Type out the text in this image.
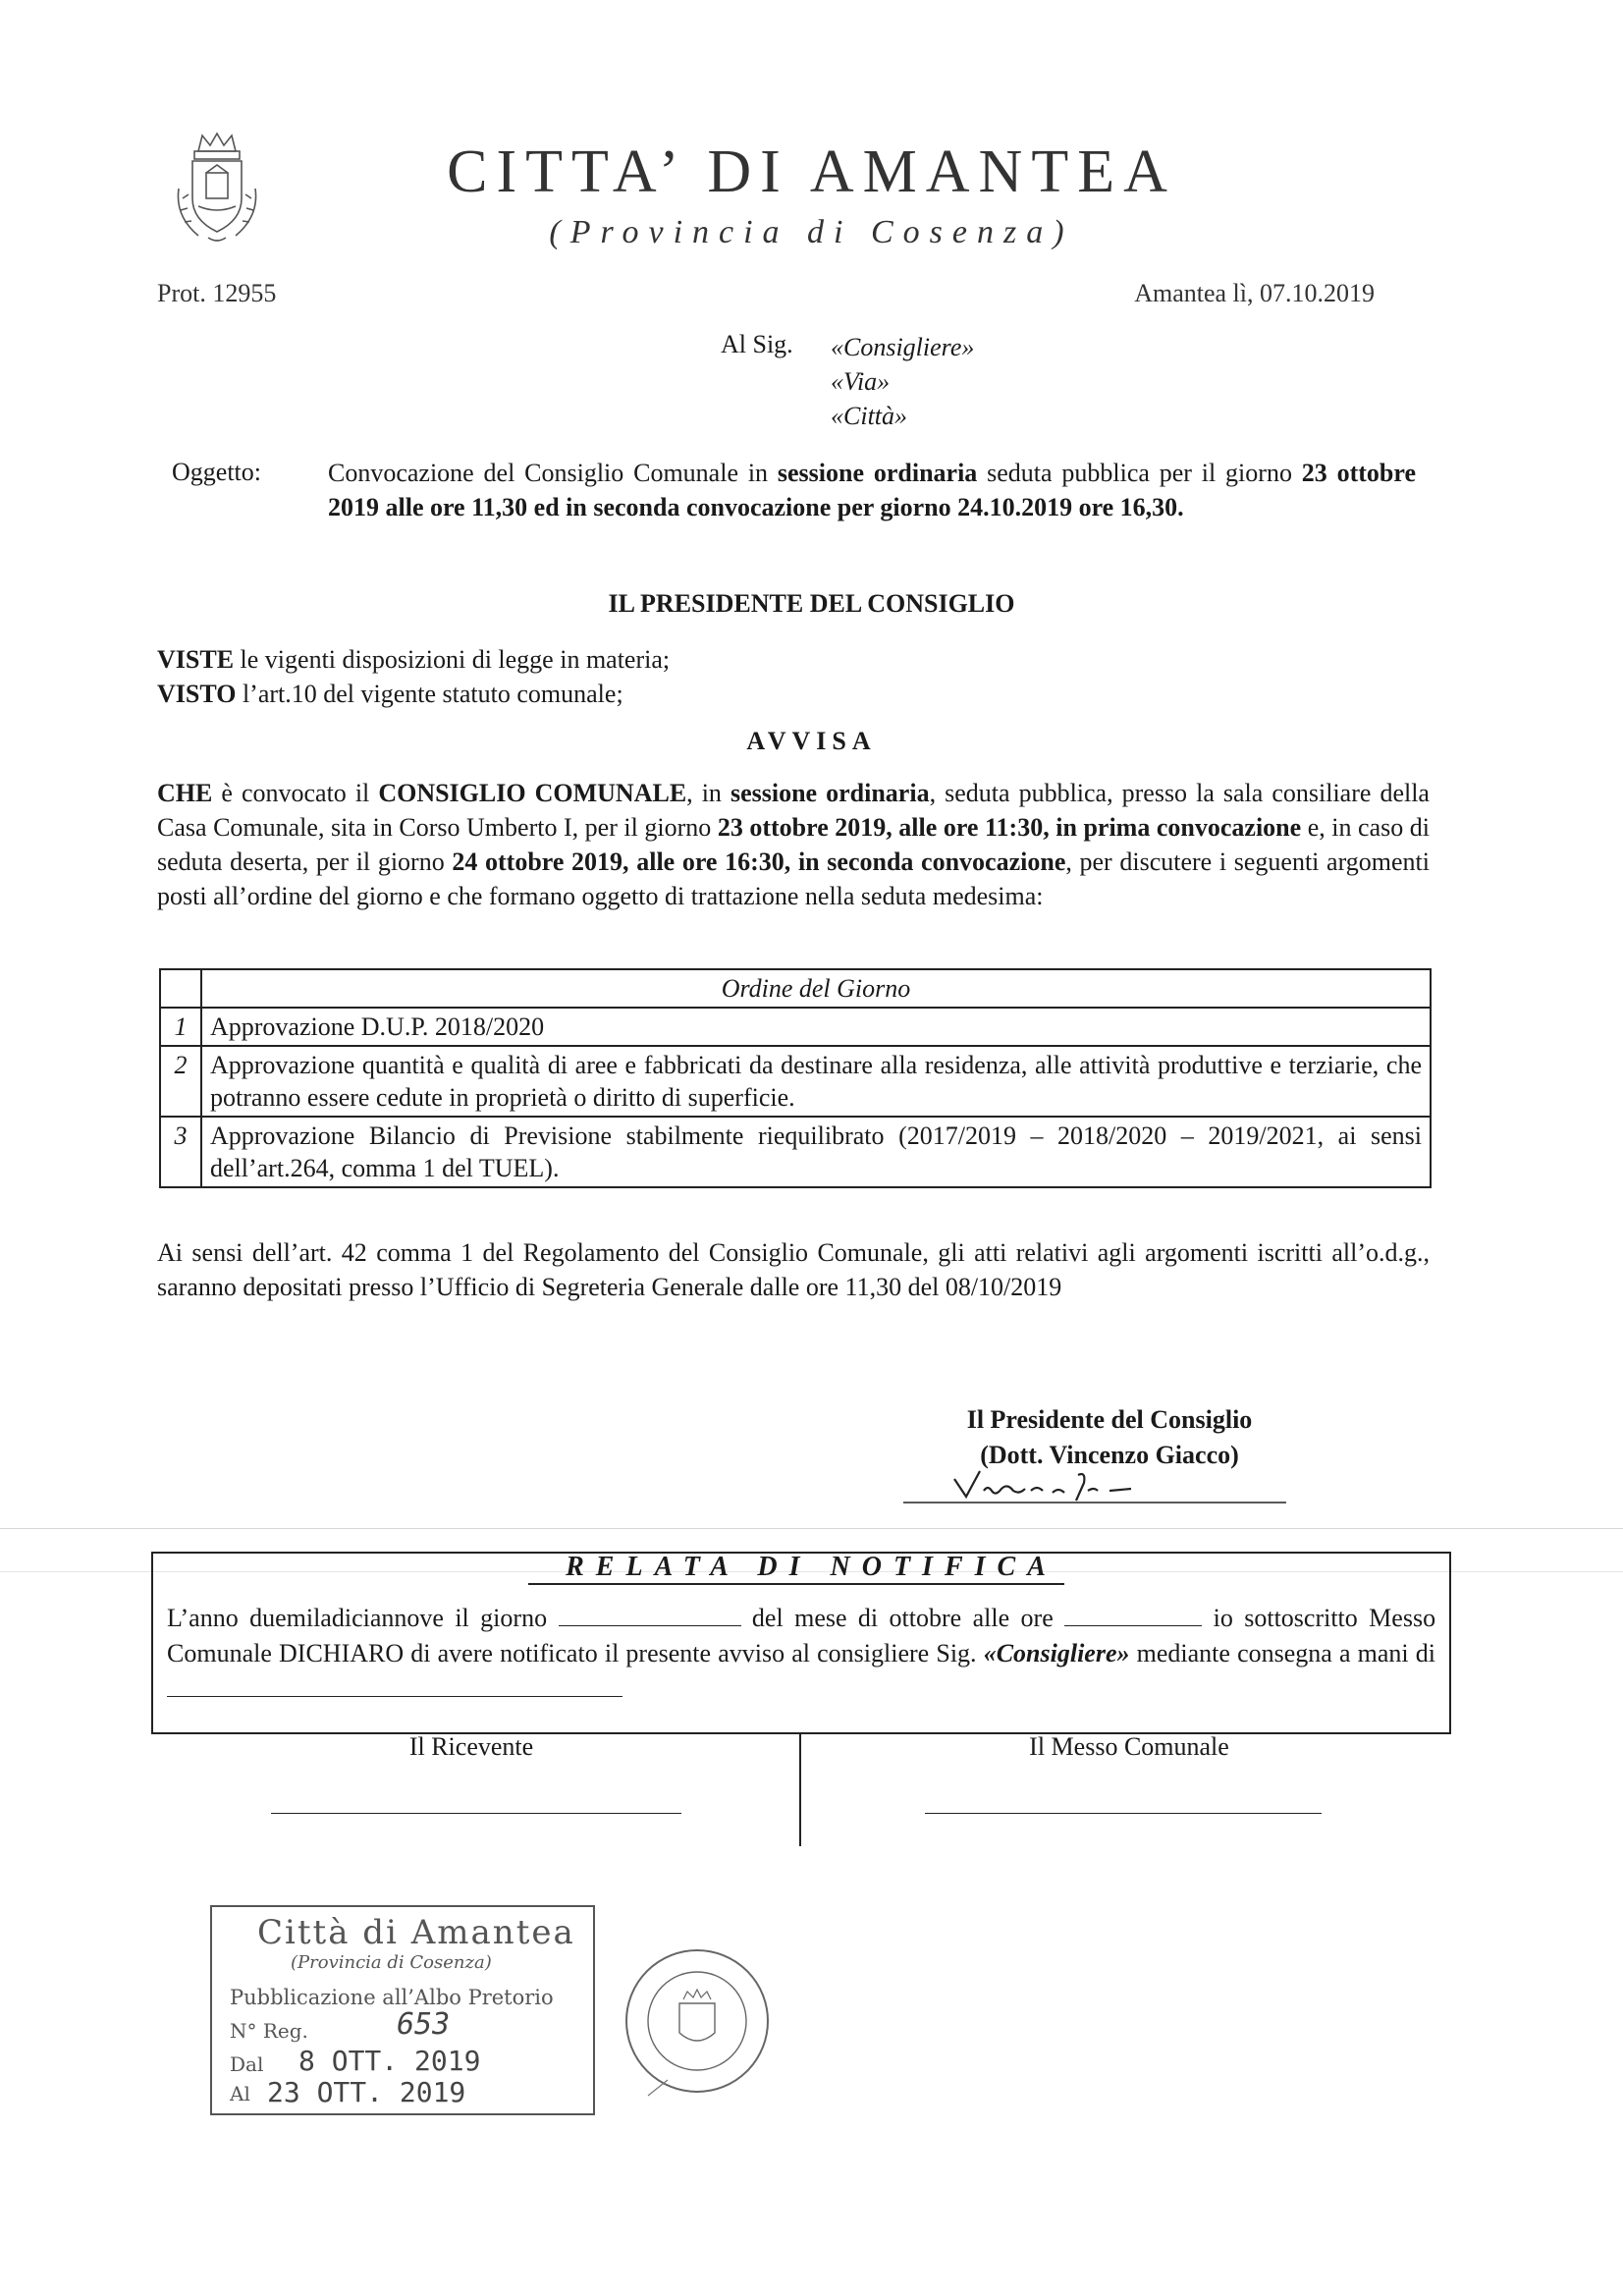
CITTA’ DI AMANTEA
(Provincia di Cosenza)
Prot. 12955	Amantea lì, 07.10.2019
Al Sig. «Consigliere»
«Via»
«Città»
Oggetto:	Convocazione del Consiglio Comunale in sessione ordinaria seduta pubblica per il giorno 23 ottobre 2019 alle ore 11,30 ed in seconda convocazione per giorno 24.10.2019 ore 16,30.
IL PRESIDENTE DEL CONSIGLIO
VISTE le vigenti disposizioni di legge in materia;
VISTO l’art.10 del vigente statuto comunale;
AVVISA
CHE è convocato il CONSIGLIO COMUNALE, in sessione ordinaria, seduta pubblica, presso la sala consiliare della Casa Comunale, sita in Corso Umberto I, per il giorno 23 ottobre 2019, alle ore 11:30, in prima convocazione e, in caso di seduta deserta, per il giorno 24 ottobre 2019, alle ore 16:30, in seconda convocazione, per discutere i seguenti argomenti posti all’ordine del giorno e che formano oggetto di trattazione nella seduta medesima:
	Ordine del Giorno
1	Approvazione D.U.P. 2018/2020
2	Approvazione quantità e qualità di aree e fabbricati da destinare alla residenza, alle attività produttive e terziarie, che potranno essere cedute in proprietà o diritto di superficie.
3	Approvazione Bilancio di Previsione stabilmente riequilibrato (2017/2019 – 2018/2020 – 2019/2021, ai sensi dell’art.264, comma 1 del TUEL).
Ai sensi dell’art. 42 comma 1 del Regolamento del Consiglio Comunale, gli atti relativi agli argomenti iscritti all’o.d.g., saranno depositati presso l’Ufficio di Segreteria Generale dalle ore 11,30 del 08/10/2019
Il Presidente del Consiglio
(Dott. Vincenzo Giacco)
RELATA DI NOTIFICA
L’anno duemiladiciannove il giorno	del mese di ottobre alle ore	io sottoscritto Messo Comunale DICHIARO di avere notificato il presente avviso al consigliere Sig. «Consigliere» mediante consegna a mani di
Il Ricevente	Il Messo Comunale
Città di Amantea
(Provincia di Cosenza)
Pubblicazione all’Albo Pretorio
N° Reg.	653
Dal 8 OTT. 2019
Al 23 OTT. 2019
